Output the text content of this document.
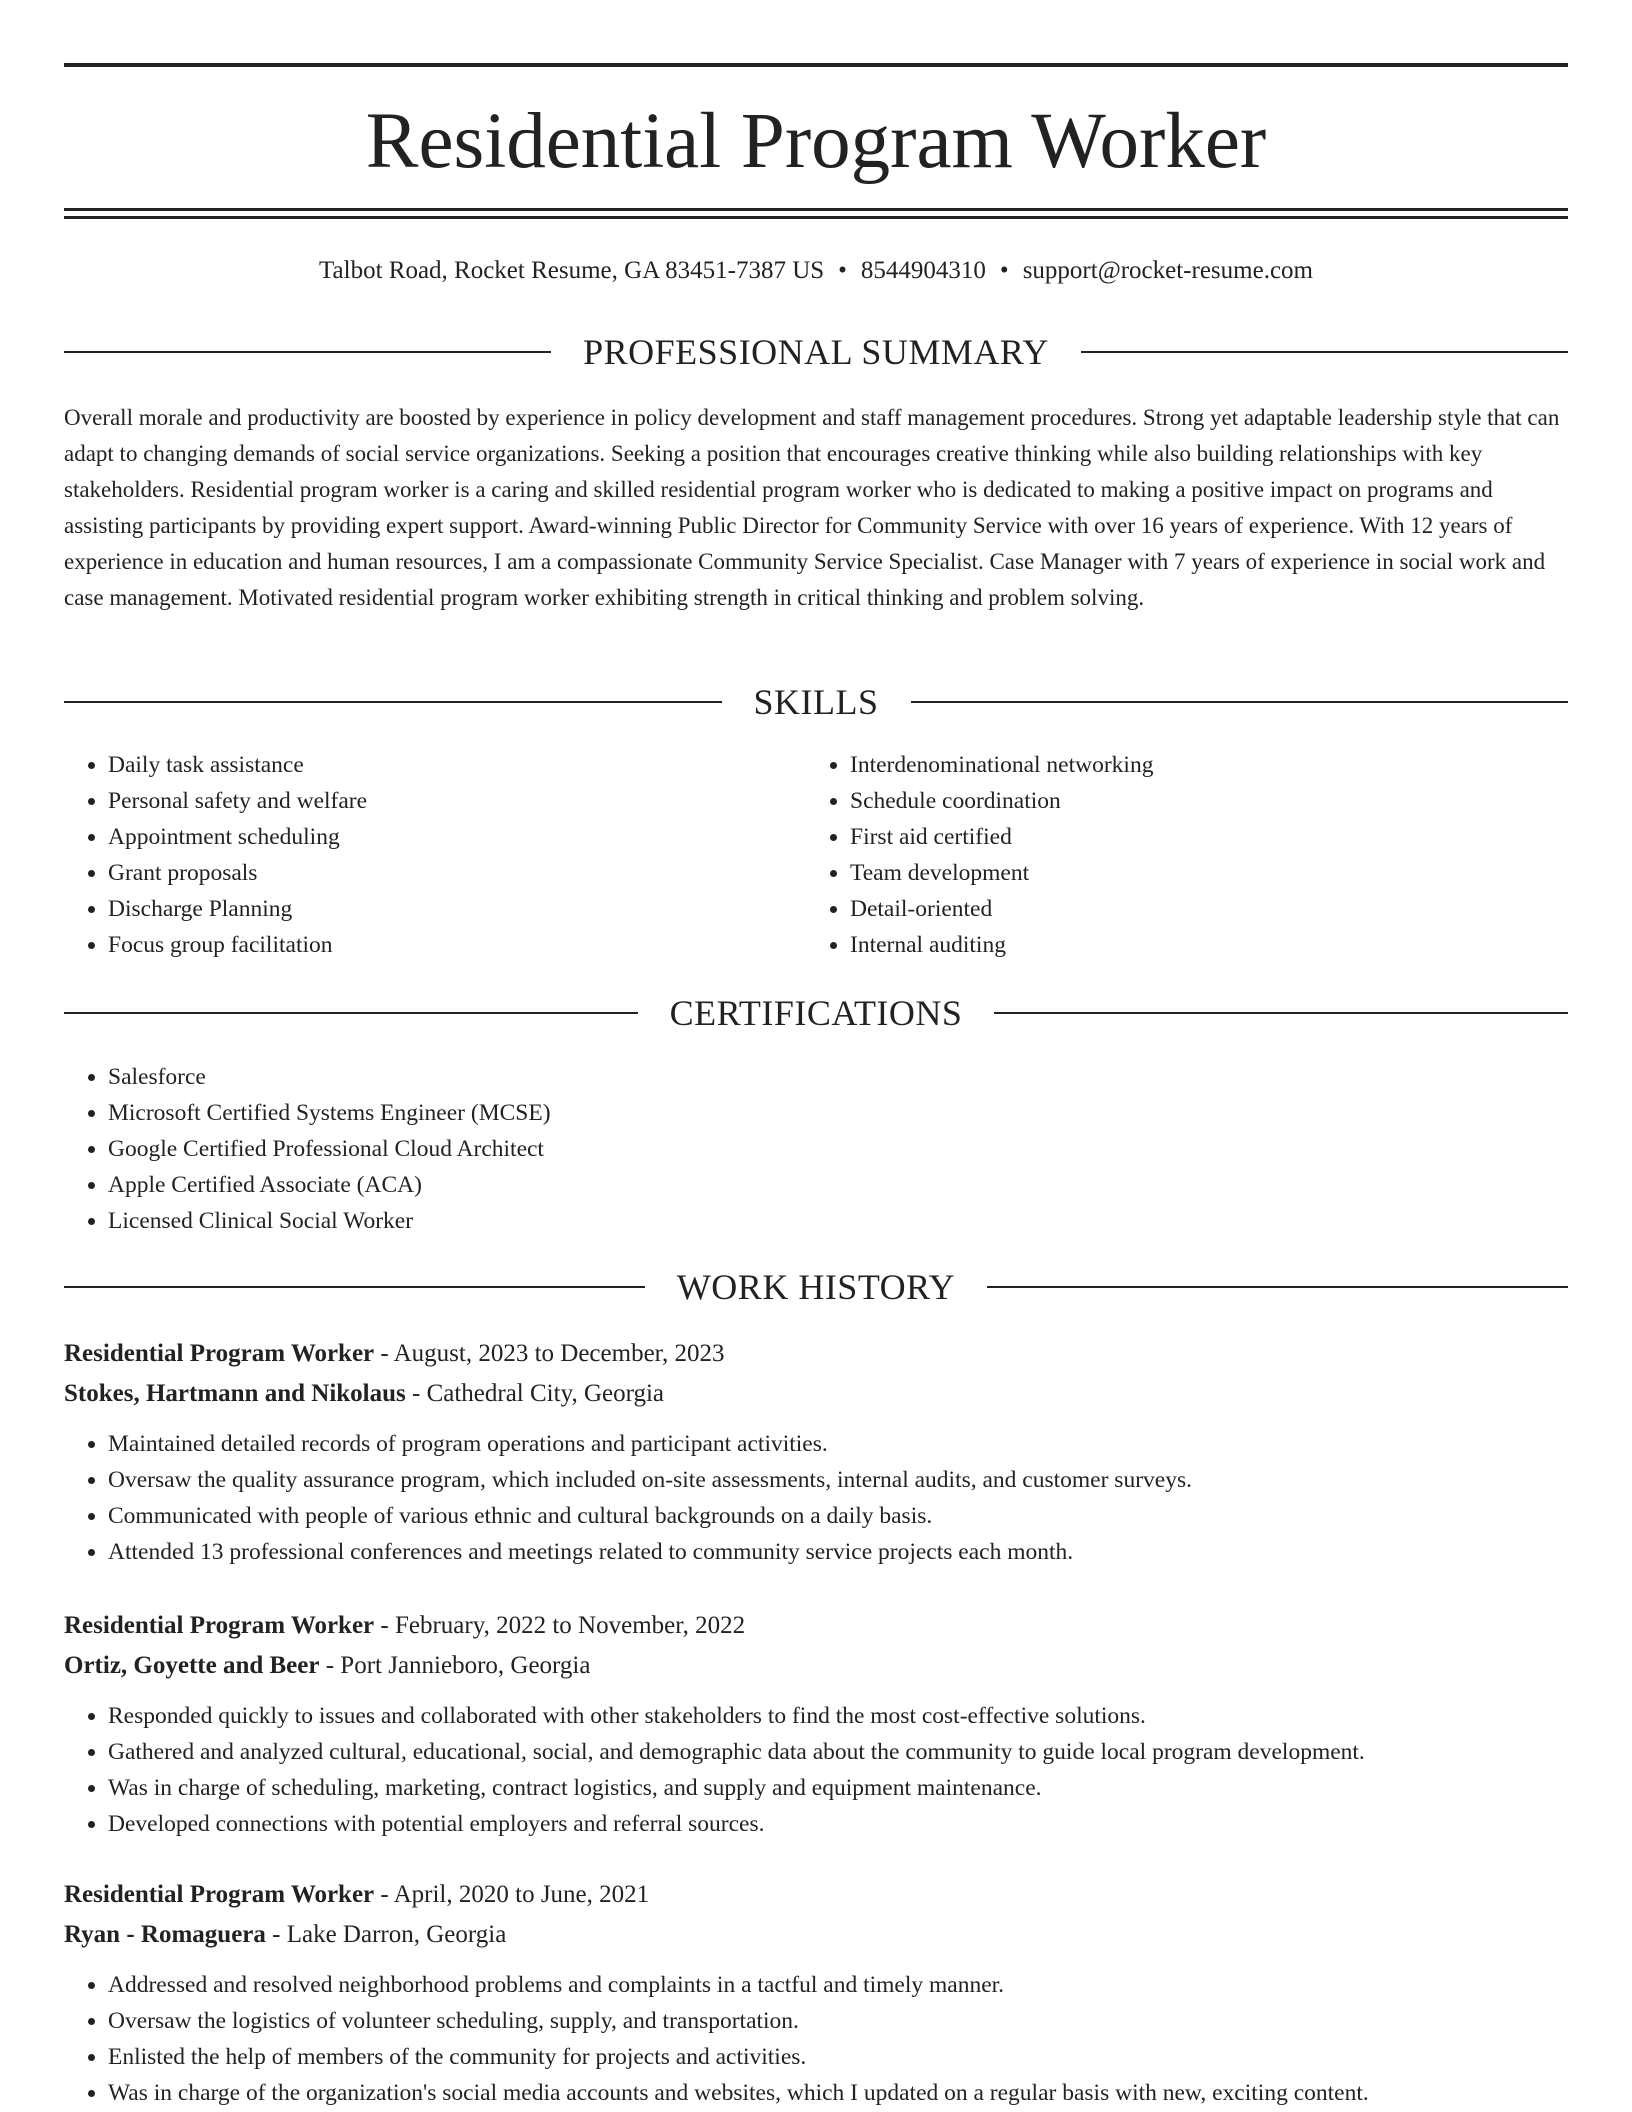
Residential Program Worker
Talbot Road, Rocket Resume, GA 83451-7387 US • 8544904310 • support@rocket-resume.com
PROFESSIONAL SUMMARY

Overall morale and productivity are boosted by experience in policy development and staff management procedures. Strong yet adaptable leadership style that can adapt to changing demands of social service organizations. Seeking a position that encourages creative thinking while also building relationships with key stakeholders. Residential program worker is a caring and skilled residential program worker who is dedicated to making a positive impact on programs and assisting participants by providing expert support. Award-winning Public Director for Community Service with over 16 years of experience. With 12 years of experience in education and human resources, I am a compassionate Community Service Specialist. Case Manager with 7 years of experience in social work and case management. Motivated residential program worker exhibiting strength in critical thinking and problem solving.

SKILLS
• Daily task assistance
• Personal safety and welfare
• Appointment scheduling
• Grant proposals
• Discharge Planning
• Focus group facilitation
• Interdenominational networking
• Schedule coordination
• First aid certified
• Team development
• Detail-oriented
• Internal auditing
CERTIFICATIONS
• Salesforce
• Microsoft Certified Systems Engineer (MCSE)
• Google Certified Professional Cloud Architect
• Apple Certified Associate (ACA)
• Licensed Clinical Social Worker
WORK HISTORY
Residential Program Worker - August, 2023 to December, 2023
Stokes, Hartmann and Nikolaus - Cathedral City, Georgia
• Maintained detailed records of program operations and participant activities.
• Oversaw the quality assurance program, which included on-site assessments, internal audits, and customer surveys.
• Communicated with people of various ethnic and cultural backgrounds on a daily basis.
• Attended 13 professional conferences and meetings related to community service projects each month.
Residential Program Worker - February, 2022 to November, 2022
Ortiz, Goyette and Beer - Port Jannieboro, Georgia
• Responded quickly to issues and collaborated with other stakeholders to find the most cost-effective solutions.
• Gathered and analyzed cultural, educational, social, and demographic data about the community to guide local program development.
• Was in charge of scheduling, marketing, contract logistics, and supply and equipment maintenance.
• Developed connections with potential employers and referral sources.
Residential Program Worker - April, 2020 to June, 2021
Ryan - Romaguera - Lake Darron, Georgia
• Addressed and resolved neighborhood problems and complaints in a tactful and timely manner.
• Oversaw the logistics of volunteer scheduling, supply, and transportation.
• Enlisted the help of members of the community for projects and activities.
• Was in charge of the organization's social media accounts and websites, which I updated on a regular basis with new, exciting content.
